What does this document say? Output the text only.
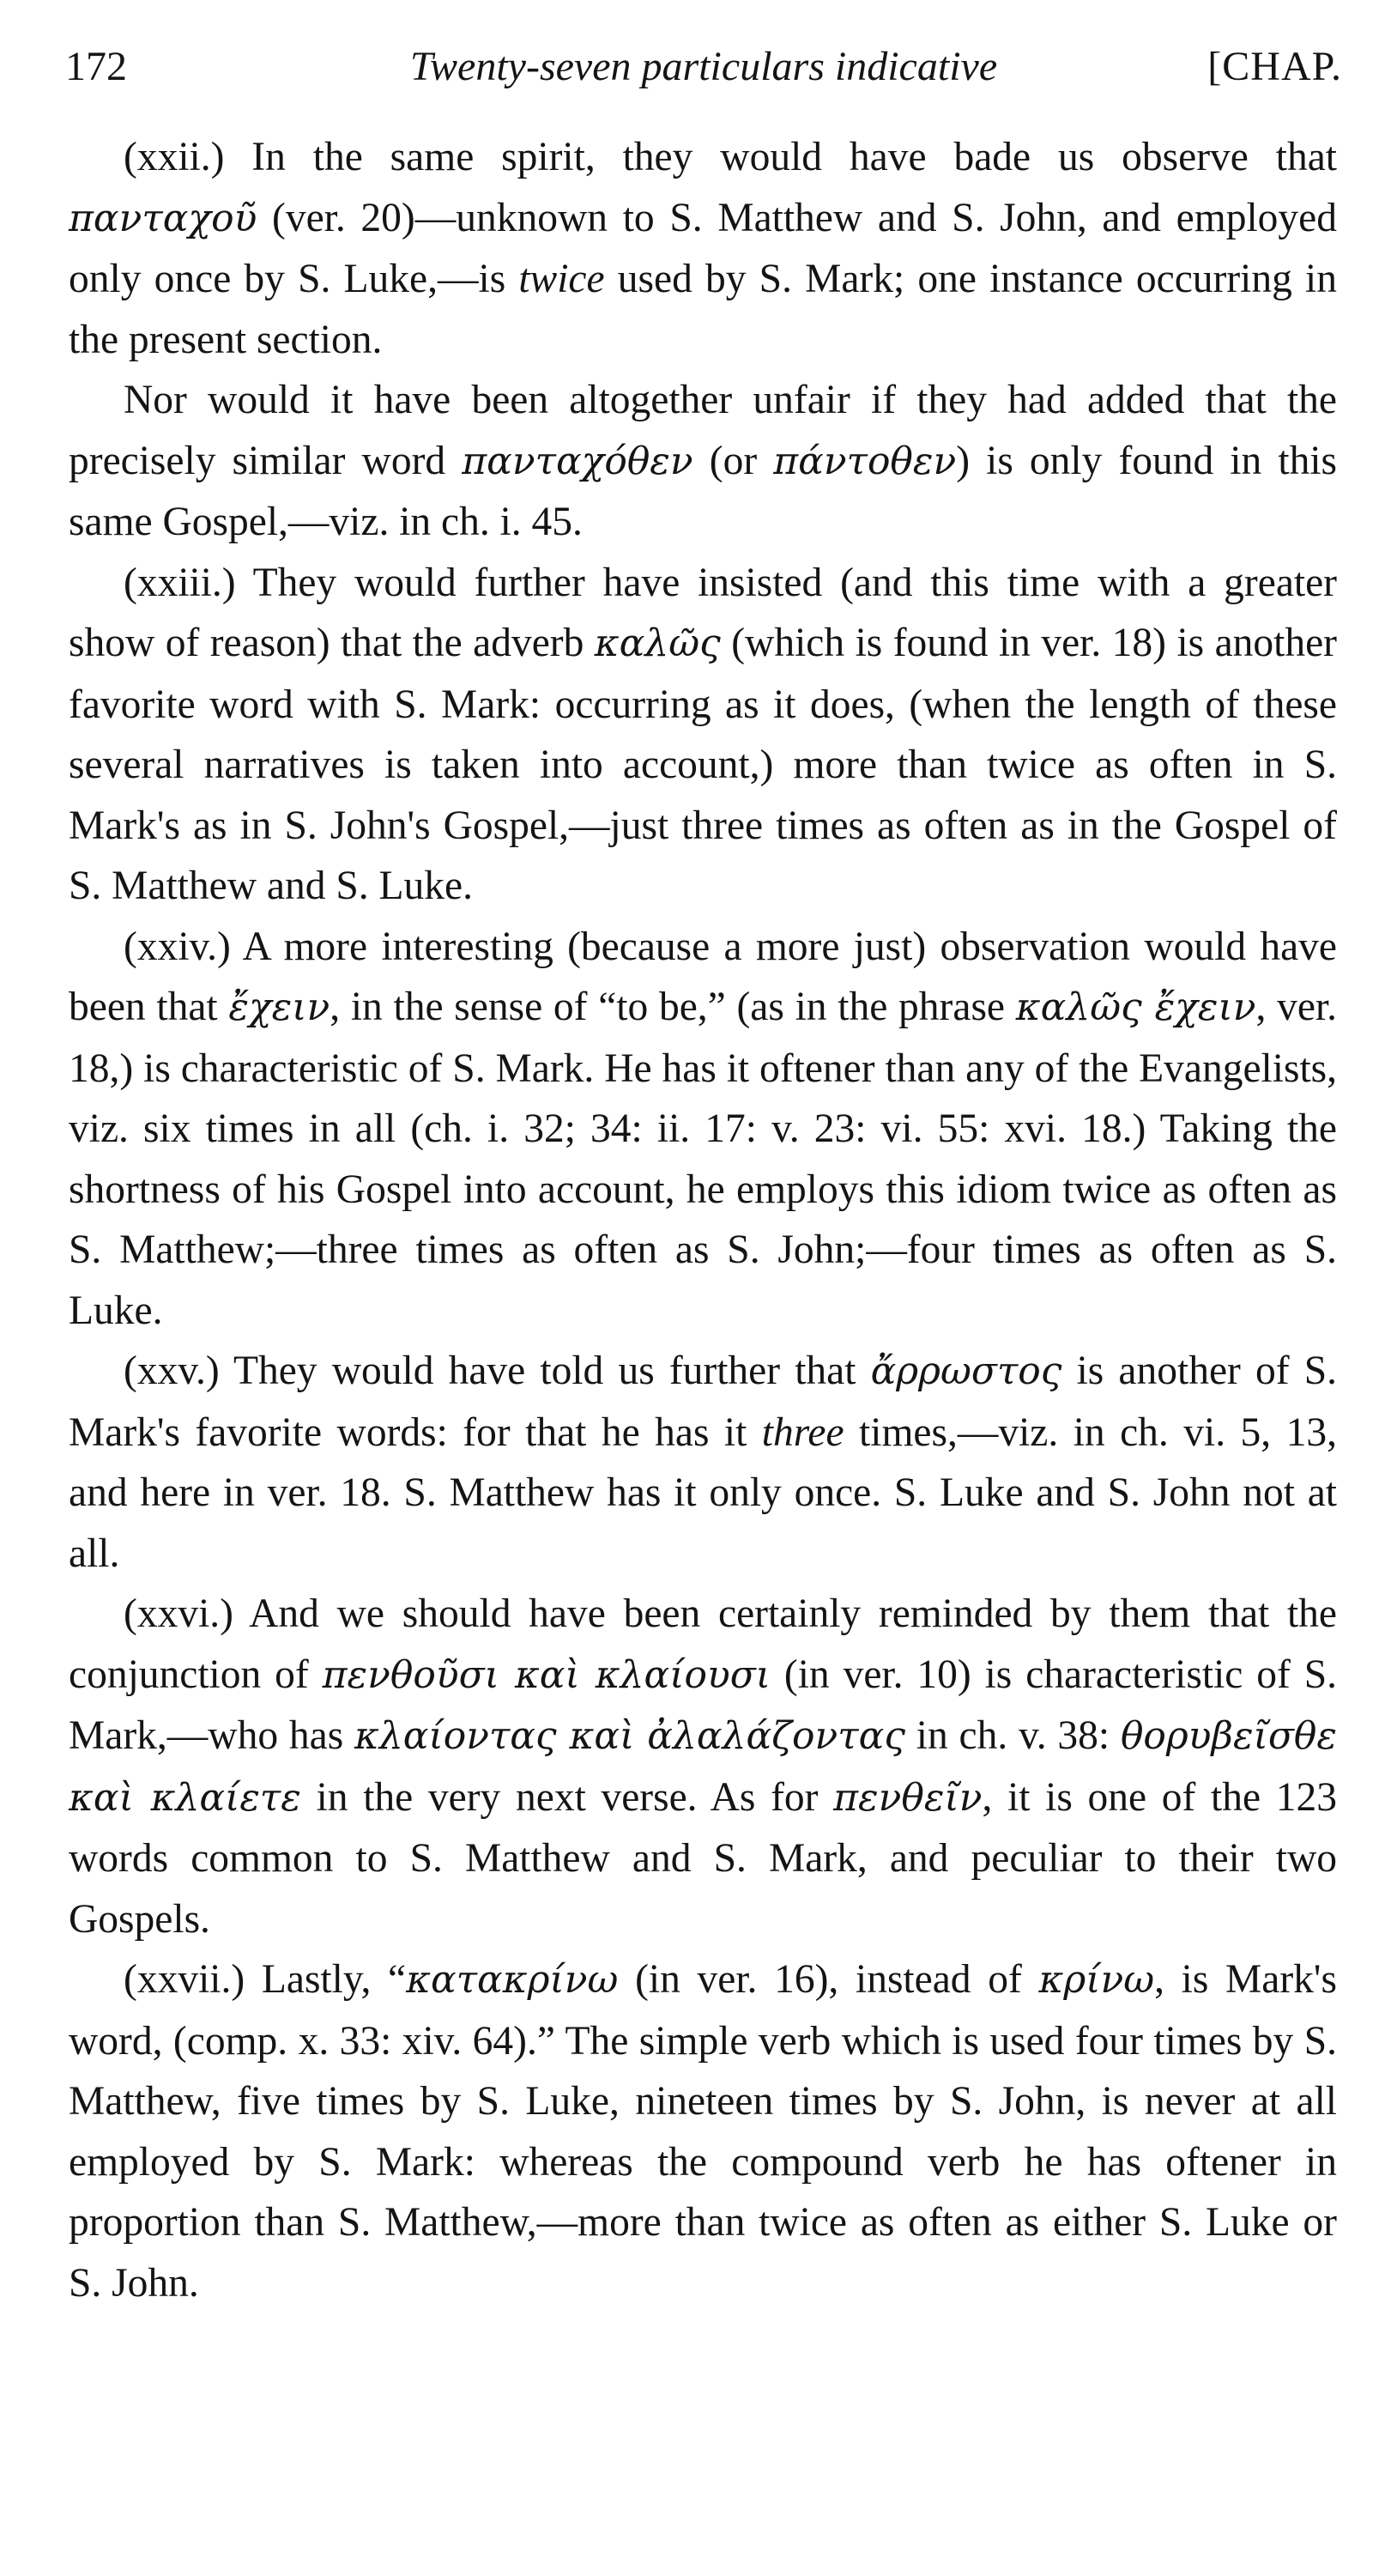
172	Twenty-seven particulars indicative	[CHAP.

(xxii.) In the same spirit, they would have bade us observe that πανταχοῦ (ver. 20)—unknown to S. Matthew and S. John, and employed only once by S. Luke,—is twice used by S. Mark; one instance occurring in the present section.

Nor would it have been altogether unfair if they had added that the precisely similar word πανταχόθεν (or πάντοθεν) is only found in this same Gospel,—viz. in ch. i. 45.

(xxiii.) They would further have insisted (and this time with a greater show of reason) that the adverb καλῶς (which is found in ver. 18) is another favorite word with S. Mark: occurring as it does, (when the length of these several narratives is taken into account,) more than twice as often in S. Mark's as in S. John's Gospel,—just three times as often as in the Gospel of S. Matthew and S. Luke.

(xxiv.) A more interesting (because a more just) observation would have been that ἔχειν, in the sense of “to be,” (as in the phrase καλῶς ἔχειν, ver. 18,) is characteristic of S. Mark. He has it oftener than any of the Evangelists, viz. six times in all (ch. i. 32; 34: ii. 17: v. 23: vi. 55: xvi. 18.) Taking the shortness of his Gospel into account, he employs this idiom twice as often as S. Matthew;—three times as often as S. John;—four times as often as S. Luke.

(xxv.) They would have told us further that ἄρρωστος is another of S. Mark's favorite words: for that he has it three times,—viz. in ch. vi. 5, 13, and here in ver. 18. S. Matthew has it only once. S. Luke and S. John not at all.

(xxvi.) And we should have been certainly reminded by them that the conjunction of πενθοῦσι καὶ κλαίουσι (in ver. 10) is characteristic of S. Mark,—who has κλαίοντας καὶ ἀλαλάζοντας in ch. v. 38: θορυβεῖσθε καὶ κλαίετε in the very next verse. As for πενθεῖν, it is one of the 123 words common to S. Matthew and S. Mark, and peculiar to their two Gospels.

(xxvii.) Lastly, “κατακρίνω (in ver. 16), instead of κρίνω, is Mark's word, (comp. x. 33: xiv. 64).” The simple verb which is used four times by S. Matthew, five times by S. Luke, nineteen times by S. John, is never at all employed by S. Mark: whereas the compound verb he has oftener in proportion than S. Matthew,—more than twice as often as either S. Luke or S. John.
